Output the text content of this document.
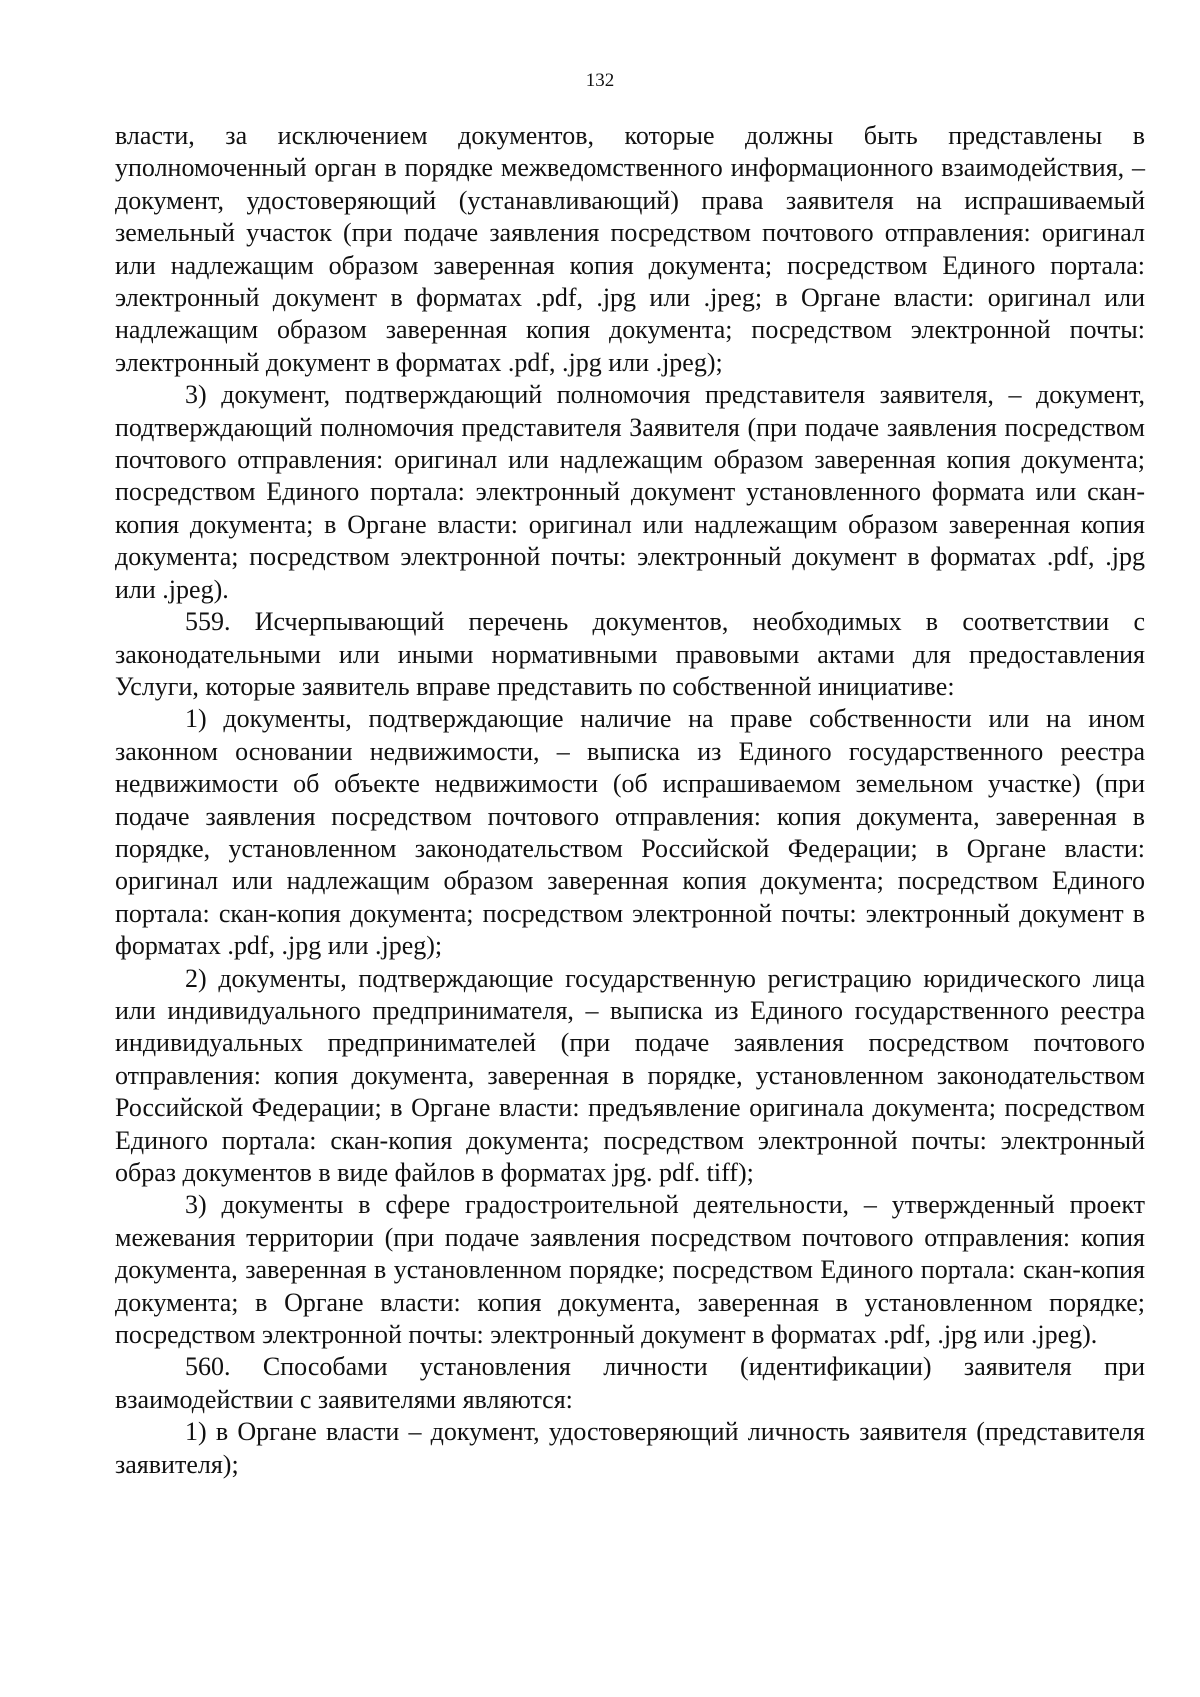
132

власти, за исключением документов, которые должны быть представлены в уполномоченный орган в порядке межведомственного информационного взаимодействия, – документ, удостоверяющий (устанавливающий) права заявителя на испрашиваемый земельный участок (при подаче заявления посредством почтового отправления: оригинал или надлежащим образом заверенная копия документа; посредством Единого портала: электронный документ в форматах .pdf, .jpg или .jpeg; в Органе власти: оригинал или надлежащим образом заверенная копия документа; посредством электронной почты: электронный документ в форматах .pdf, .jpg или .jpeg);

3) документ, подтверждающий полномочия представителя заявителя, – документ, подтверждающий полномочия представителя Заявителя (при подаче заявления посредством почтового отправления: оригинал или надлежащим образом заверенная копия документа; посредством Единого портала: электронный документ установленного формата или скан-копия документа; в Органе власти: оригинал или надлежащим образом заверенная копия документа; посредством электронной почты: электронный документ в форматах .pdf, .jpg или .jpeg).

559. Исчерпывающий перечень документов, необходимых в соответствии с законодательными или иными нормативными правовыми актами для предоставления Услуги, которые заявитель вправе представить по собственной инициативе:

1) документы, подтверждающие наличие на праве собственности или на ином законном основании недвижимости, – выписка из Единого государственного реестра недвижимости об объекте недвижимости (об испрашиваемом земельном участке) (при подаче заявления посредством почтового отправления: копия документа, заверенная в порядке, установленном законодательством Российской Федерации; в Органе власти: оригинал или надлежащим образом заверенная копия документа; посредством Единого портала: скан-копия документа; посредством электронной почты: электронный документ в форматах .pdf, .jpg или .jpeg);

2) документы, подтверждающие государственную регистрацию юридического лица или индивидуального предпринимателя, – выписка из Единого государственного реестра индивидуальных предпринимателей (при подаче заявления посредством почтового отправления: копия документа, заверенная в порядке, установленном законодательством Российской Федерации; в Органе власти: предъявление оригинала документа; посредством Единого портала: скан-копия документа; посредством электронной почты: электронный образ документов в виде файлов в форматах jpg. pdf. tiff);

3) документы в сфере градостроительной деятельности, – утвержденный проект межевания территории (при подаче заявления посредством почтового отправления: копия документа, заверенная в установленном порядке; посредством Единого портала: скан-копия документа; в Органе власти: копия документа, заверенная в установленном порядке; посредством электронной почты: электронный документ в форматах .pdf, .jpg или .jpeg).

560. Способами установления личности (идентификации) заявителя при взаимодействии с заявителями являются:

1) в Органе власти – документ, удостоверяющий личность заявителя (представителя заявителя);
